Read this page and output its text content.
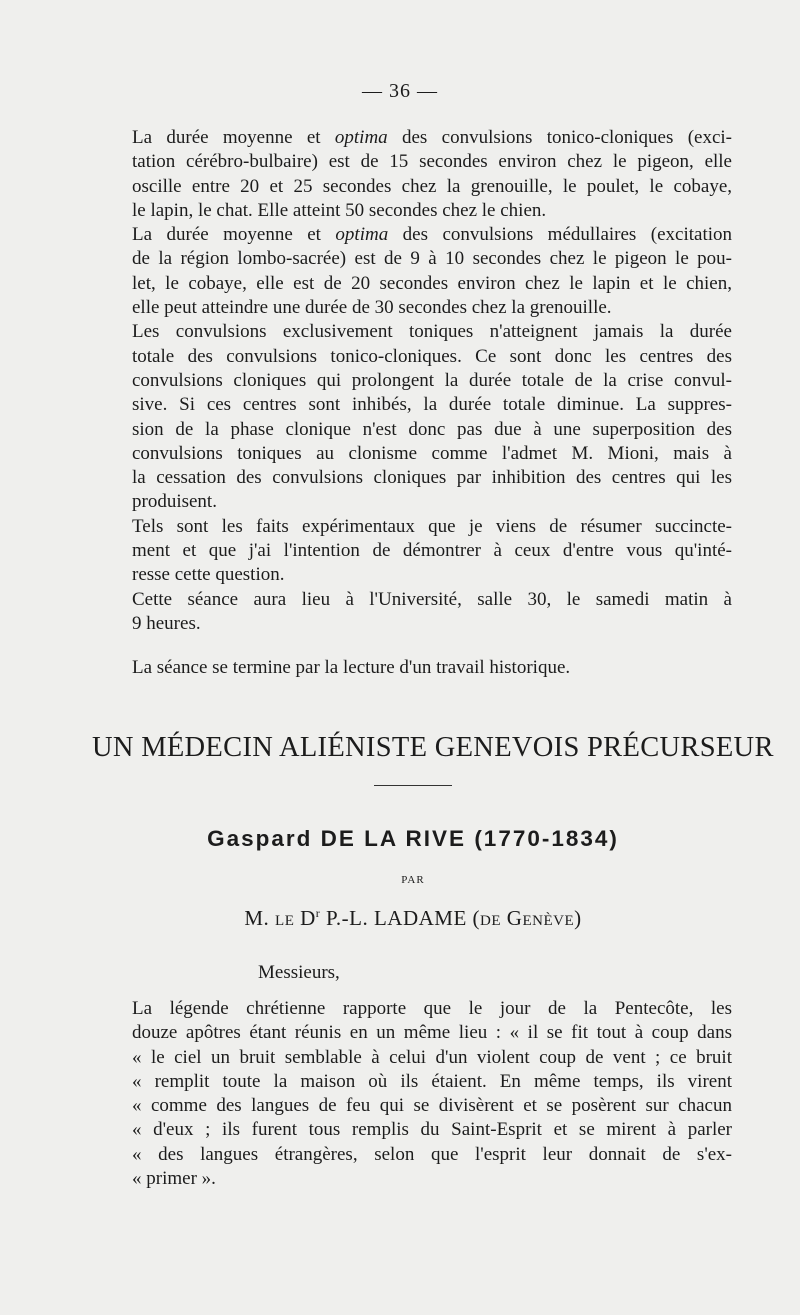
— 36 —

La durée moyenne et optima des convulsions tonico-cloniques (exci-
tation cérébro-bulbaire) est de 15 secondes environ chez le pigeon, elle
oscille entre 20 et 25 secondes chez la grenouille, le poulet, le cobaye,
le lapin, le chat. Elle atteint 50 secondes chez le chien.

La durée moyenne et optima des convulsions médullaires (excitation
de la région lombo-sacrée) est de 9 à 10 secondes chez le pigeon le pou-
let, le cobaye, elle est de 20 secondes environ chez le lapin et le chien,
elle peut atteindre une durée de 30 secondes chez la grenouille.

Les convulsions exclusivement toniques n'atteignent jamais la durée
totale des convulsions tonico-cloniques. Ce sont donc les centres des
convulsions cloniques qui prolongent la durée totale de la crise convul-
sive. Si ces centres sont inhibés, la durée totale diminue. La suppres-
sion de la phase clonique n'est donc pas due à une superposition des
convulsions toniques au clonisme comme l'admet M. Mioni, mais à
la cessation des convulsions cloniques par inhibition des centres qui les
produisent.

Tels sont les faits expérimentaux que je viens de résumer succincte-
ment et que j'ai l'intention de démontrer à ceux d'entre vous qu'inté-
resse cette question.

Cette séance aura lieu à l'Université, salle 30, le samedi matin à
9 heures.

La séance se termine par la lecture d'un travail historique.

UN MÉDECIN ALIÉNISTE GENEVOIS PRÉCURSEUR
Gaspard DE LA RIVE (1770-1834)
PAR
M. le $D^r$ P.-L. LADAME (de Genève)
Messieurs,

La légende chrétienne rapporte que le jour de la Pentecôte, les
douze apôtres étant réunis en un même lieu : « il se fit tout à coup dans
« le ciel un bruit semblable à celui d'un violent coup de vent ; ce bruit
« remplit toute la maison où ils étaient. En même temps, ils virent
« comme des langues de feu qui se divisèrent et se posèrent sur chacun
« d'eux ; ils furent tous remplis du Saint-Esprit et se mirent à parler
« des langues étrangères, selon que l'esprit leur donnait de s'ex-
« primer ».
